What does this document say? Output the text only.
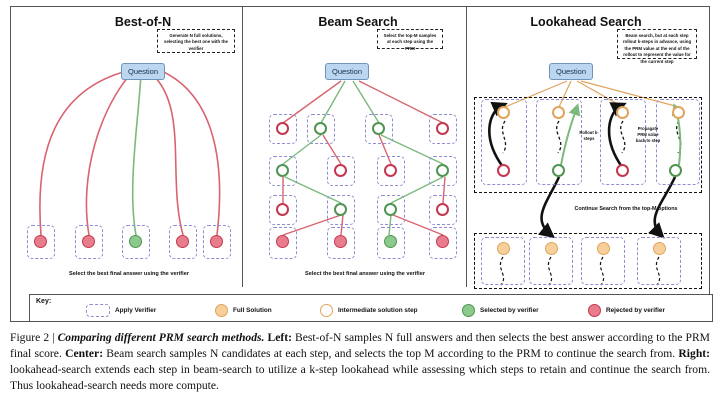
Best-of-N
Generate N full solutions, selecting the best one with the verifier
Question
Select the best final answer using the verifier
Beam Search
Select the top-M samples at each step using the PRM
Question
Select the best final answer using the verifier
Lookahead Search
Beam search, but at each step rollout k-steps in advance, using the PRM value at the end of the rollout to represent the value for the current step
Question
Rollout k-steps
Propagate PRM value back to step
Continue Search from the top-M options
Key:
Apply Verifier	Full Solution	Intermediate solution step	Selected by verifier	Rejected by verifier
Figure 2 | Comparing different PRM search methods. Left: Best-of-N samples N full answers and then selects the best answer according to the PRM final score. Center: Beam search samples N candidates at each step, and selects the top M according to the PRM to continue the search from. Right: lookahead-search extends each step in beam-search to utilize a k-step lookahead while assessing which steps to retain and continue the search from. Thus lookahead-search needs more compute.
